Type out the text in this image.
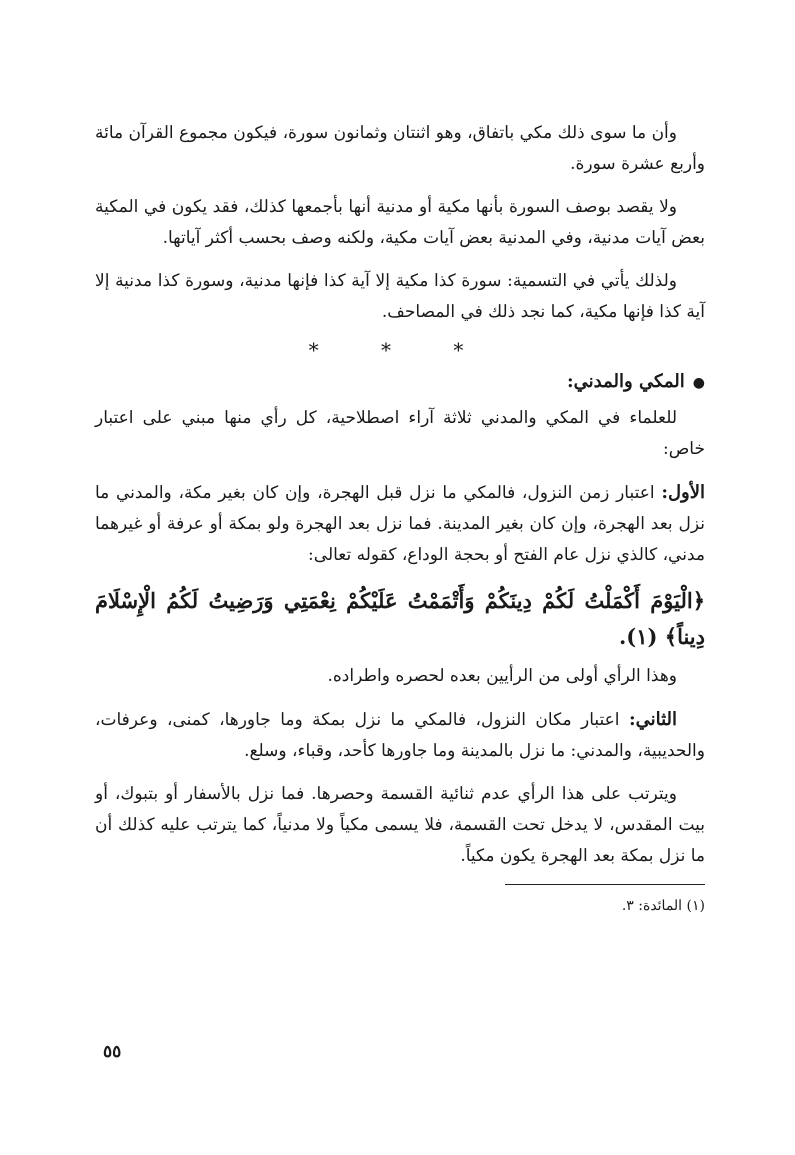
وأن ما سوى ذلك مكي باتفاق، وهو اثنتان وثمانون سورة، فيكون مجموع القرآن مائة وأربع عشرة سورة.

ولا يقصد بوصف السورة بأنها مكية أو مدنية أنها بأجمعها كذلك، فقد يكون في المكية بعض آيات مدنية، وفي المدنية بعض آيات مكية، ولكنه وصف بحسب أكثر آياتها.

ولذلك يأتي في التسمية: سورة كذا مكية إلا آية كذا فإنها مدنية، وسورة كذا مدنية إلا آية كذا فإنها مكية، كما نجد ذلك في المصاحف.

* * *
●المكي والمدني:

للعلماء في المكي والمدني ثلاثة آراء اصطلاحية، كل رأي منها مبني على اعتبار خاص:

الأول: اعتبار زمن النزول، فالمكي ما نزل قبل الهجرة، وإن كان بغير مكة، والمدني ما نزل بعد الهجرة، وإن كان بغير المدينة. فما نزل بعد الهجرة ولو بمكة أو عرفة أو غيرهما مدني، كالذي نزل عام الفتح أو بحجة الوداع، كقوله تعالى:

﴿الْيَوْمَ أَكْمَلْتُ لَكُمْ دِينَكُمْ وَأَتْمَمْتُ عَلَيْكُمْ نِعْمَتِي وَرَضِيتُ لَكُمُ الْإِسْلَامَ دِيناً﴾ (١).

وهذا الرأي أولى من الرأيين بعده لحصره واطراده.

الثاني: اعتبار مكان النزول، فالمكي ما نزل بمكة وما جاورها، كمنى، وعرفات، والحديبية، والمدني: ما نزل بالمدينة وما جاورها كأحد، وقباء، وسلع.

ويترتب على هذا الرأي عدم ثنائية القسمة وحصرها. فما نزل بالأسفار أو بتبوك، أو بيت المقدس، لا يدخل تحت القسمة، فلا يسمى مكياً ولا مدنياً، كما يترتب عليه كذلك أن ما نزل بمكة بعد الهجرة يكون مكياً.

(١) المائدة: ٣.
٥٥
